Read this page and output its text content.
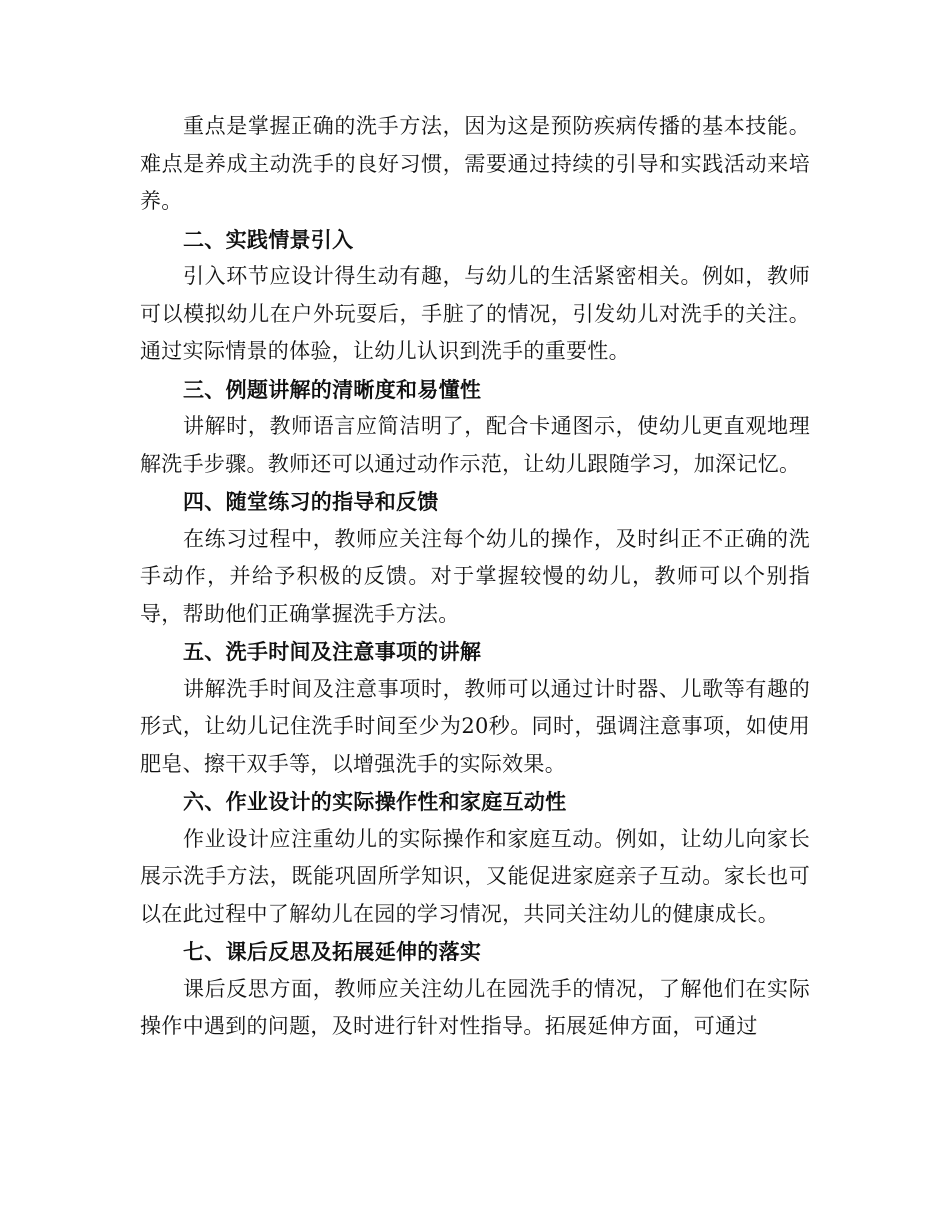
重点是掌握正确的洗手方法，因为这是预防疾病传播的基本技能。难点是养成主动洗手的良好习惯，需要通过持续的引导和实践活动来培养。

二、实践情景引入

引入环节应设计得生动有趣，与幼儿的生活紧密相关。例如，教师可以模拟幼儿在户外玩耍后，手脏了的情况，引发幼儿对洗手的关注。通过实际情景的体验，让幼儿认识到洗手的重要性。

三、例题讲解的清晰度和易懂性

讲解时，教师语言应简洁明了，配合卡通图示，使幼儿更直观地理解洗手步骤。教师还可以通过动作示范，让幼儿跟随学习，加深记忆。

四、随堂练习的指导和反馈

在练习过程中，教师应关注每个幼儿的操作，及时纠正不正确的洗手动作，并给予积极的反馈。对于掌握较慢的幼儿，教师可以个别指导，帮助他们正确掌握洗手方法。

五、洗手时间及注意事项的讲解

讲解洗手时间及注意事项时，教师可以通过计时器、儿歌等有趣的形式，让幼儿记住洗手时间至少为20秒。同时，强调注意事项，如使用肥皂、擦干双手等，以增强洗手的实际效果。

六、作业设计的实际操作性和家庭互动性

作业设计应注重幼儿的实际操作和家庭互动。例如，让幼儿向家长展示洗手方法，既能巩固所学知识，又能促进家庭亲子互动。家长也可以在此过程中了解幼儿在园的学习情况，共同关注幼儿的健康成长。

七、课后反思及拓展延伸的落实

课后反思方面，教师应关注幼儿在园洗手的情况，了解他们在实际操作中遇到的问题，及时进行针对性指导。拓展延伸方面，可通过
